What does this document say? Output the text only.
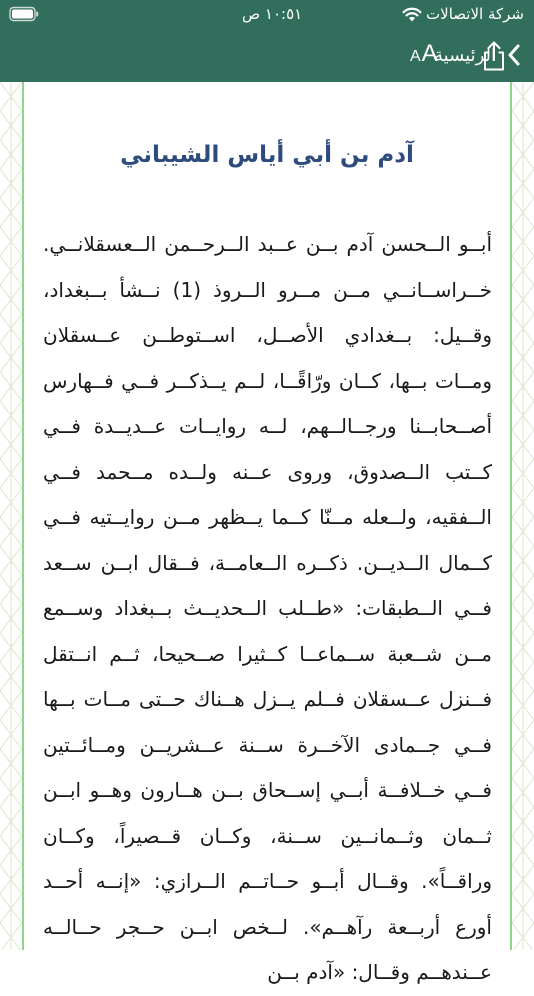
شركة الاتصالات
١٠:٥١ ص
الرئيسية
A A
آدم بن أبي أياس الشيباني

أبــو الــحسن آدم بــن عــبد الــرحــمن الــعسقلانــي. خــراســانــي مــن مــرو الــروذ (1) نــشأ بــبغداد، وقــيل: بــغدادي الأصــل، اســتوطــن عــسقلان ومــات بــها، كــان ورّاقًــا، لــم يــذكــر فــي فــهارس أصــحابــنا ورجــالــهم، لــه روايــات عــديــدة فــي كــتب الــصدوق، وروى عــنه ولــده مــحمد فــي الــفقيه، ولــعله مــنّا كــما يــظهر مــن روايــتيه فــي كــمال الــديــن. ذكــره الــعامــة، فــقال ابــن ســعد فــي الــطبقات: «طــلب الــحديــث بــبغداد وســمع مــن شــعبة ســماعــا كــثيرا صــحيحا، ثــم انــتقل فــنزل عــسقلان فــلم يــزل هــناك حــتى مــات بــها فــي جــمادى الآخــرة ســنة عــشريــن ومــائــتين فــي خــلافــة أبــي إســحاق بــن هــارون وهــو ابــن ثــمان وثــمانــين ســنة، وكــان قــصيراً، وكــان وراقــاً». وقــال أبــو حــاتــم الــرازي: «إنــه أحــد أورع أربــعة رآهــم». لــخص ابــن حــجر حــالــه عــندهــم وقــال: «آدم بــن
